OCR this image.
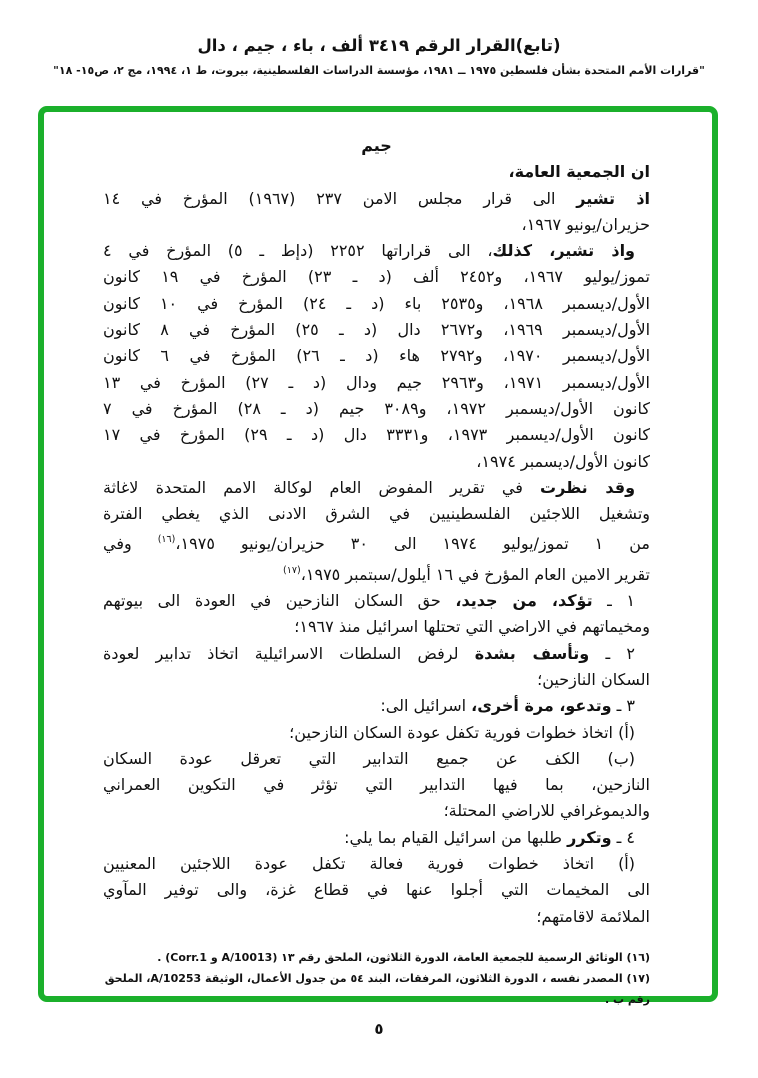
(تابع)القرار الرقم ٣٤١٩ ألف ، باء ، جيم ، دال
"قرارات الأمم المتحدة بشأن فلسطين ١٩٧٥ ــ ١٩٨١، مؤسسة الدراسات الفلسطينية، بيروت، ط ١، ١٩٩٤، مج ٢، ص١٥- ١٨"
جيم
ان الجمعية العامة،
اذ تشير الى قرار مجلس الامن ٢٣٧ (١٩٦٧) المؤرخ في ١٤
حزيران/يونيو ١٩٦٧،
واذ تشير، كذلك، الى قراراتها ٢٢٥٢ (دإط ـ ٥) المؤرخ في ٤
تموز/يوليو ١٩٦٧، و٢٤٥٢ ألف (د ـ ٢٣) المؤرخ في ١٩ كانون
الأول/ديسمبر ١٩٦٨، و٢٥٣٥ باء (د ـ ٢٤) المؤرخ في ١٠ كانون
الأول/ديسمبر ١٩٦٩، و٢٦٧٢ دال (د ـ ٢٥) المؤرخ في ٨ كانون
الأول/ديسمبر ١٩٧٠، و٢٧٩٢ هاء (د ـ ٢٦) المؤرخ في ٦ كانون
الأول/ديسمبر ١٩٧١، و٢٩٦٣ جيم ودال (د ـ ٢٧) المؤرخ في ١٣
كانون الأول/ديسمبر ١٩٧٢، و٣٠٨٩ جيم (د ـ ٢٨) المؤرخ في ٧
كانون الأول/ديسمبر ١٩٧٣، و٣٣٣١ دال (د ـ ٢٩) المؤرخ في ١٧
كانون الأول/ديسمبر ١٩٧٤،
وقد نظرت في تقرير المفوض العام لوكالة الامم المتحدة لاغاثة
وتشغيل اللاجئين الفلسطينيين في الشرق الادنى الذي يغطي الفترة
من ١ تموز/يوليو ١٩٧٤ الى ٣٠ حزيران/يونيو ١٩٧٥،$^{(١٦)}$ وفي
تقرير الامين العام المؤرخ في ١٦ أيلول/سبتمبر ١٩٧٥،$^{(١٧)}$
١ ـ تؤكد، من جديد، حق السكان النازحين في العودة الى بيوتهم
ومخيماتهم في الاراضي التي تحتلها اسرائيل منذ ١٩٦٧؛
٢ ـ وتأسف بشدة لرفض السلطات الاسرائيلية اتخاذ تدابير لعودة
السكان النازحين؛
٣ ـ وتدعو، مرة أخرى، اسرائيل الى:
(أ) اتخاذ خطوات فورية تكفل عودة السكان النازحين؛
(ب) الكف عن جميع التدابير التي تعرقل عودة السكان
النازحين، بما فيها التدابير التي تؤثر في التكوين العمراني
والديموغرافي للاراضي المحتلة؛
٤ ـ وتكرر طلبها من اسرائيل القيام بما يلي:
(أ) اتخاذ خطوات فورية فعالة تكفل عودة اللاجئين المعنيين
الى المخيمات التي أجلوا عنها في قطاع غزة، والى توفير المآوي
الملائمة لاقامتهم؛
(١٦) الوثائق الرسمية للجمعية العامة، الدورة الثلاثون، الملحق رقم ١٣ (A/10013 و Corr.1) .
(١٧) المصدر نفسه ، الدورة الثلاثون، المرفقات، البند ٥٤ من جدول الأعمال، الوثيقة A/10253، الملحق رقم ب .
٥
